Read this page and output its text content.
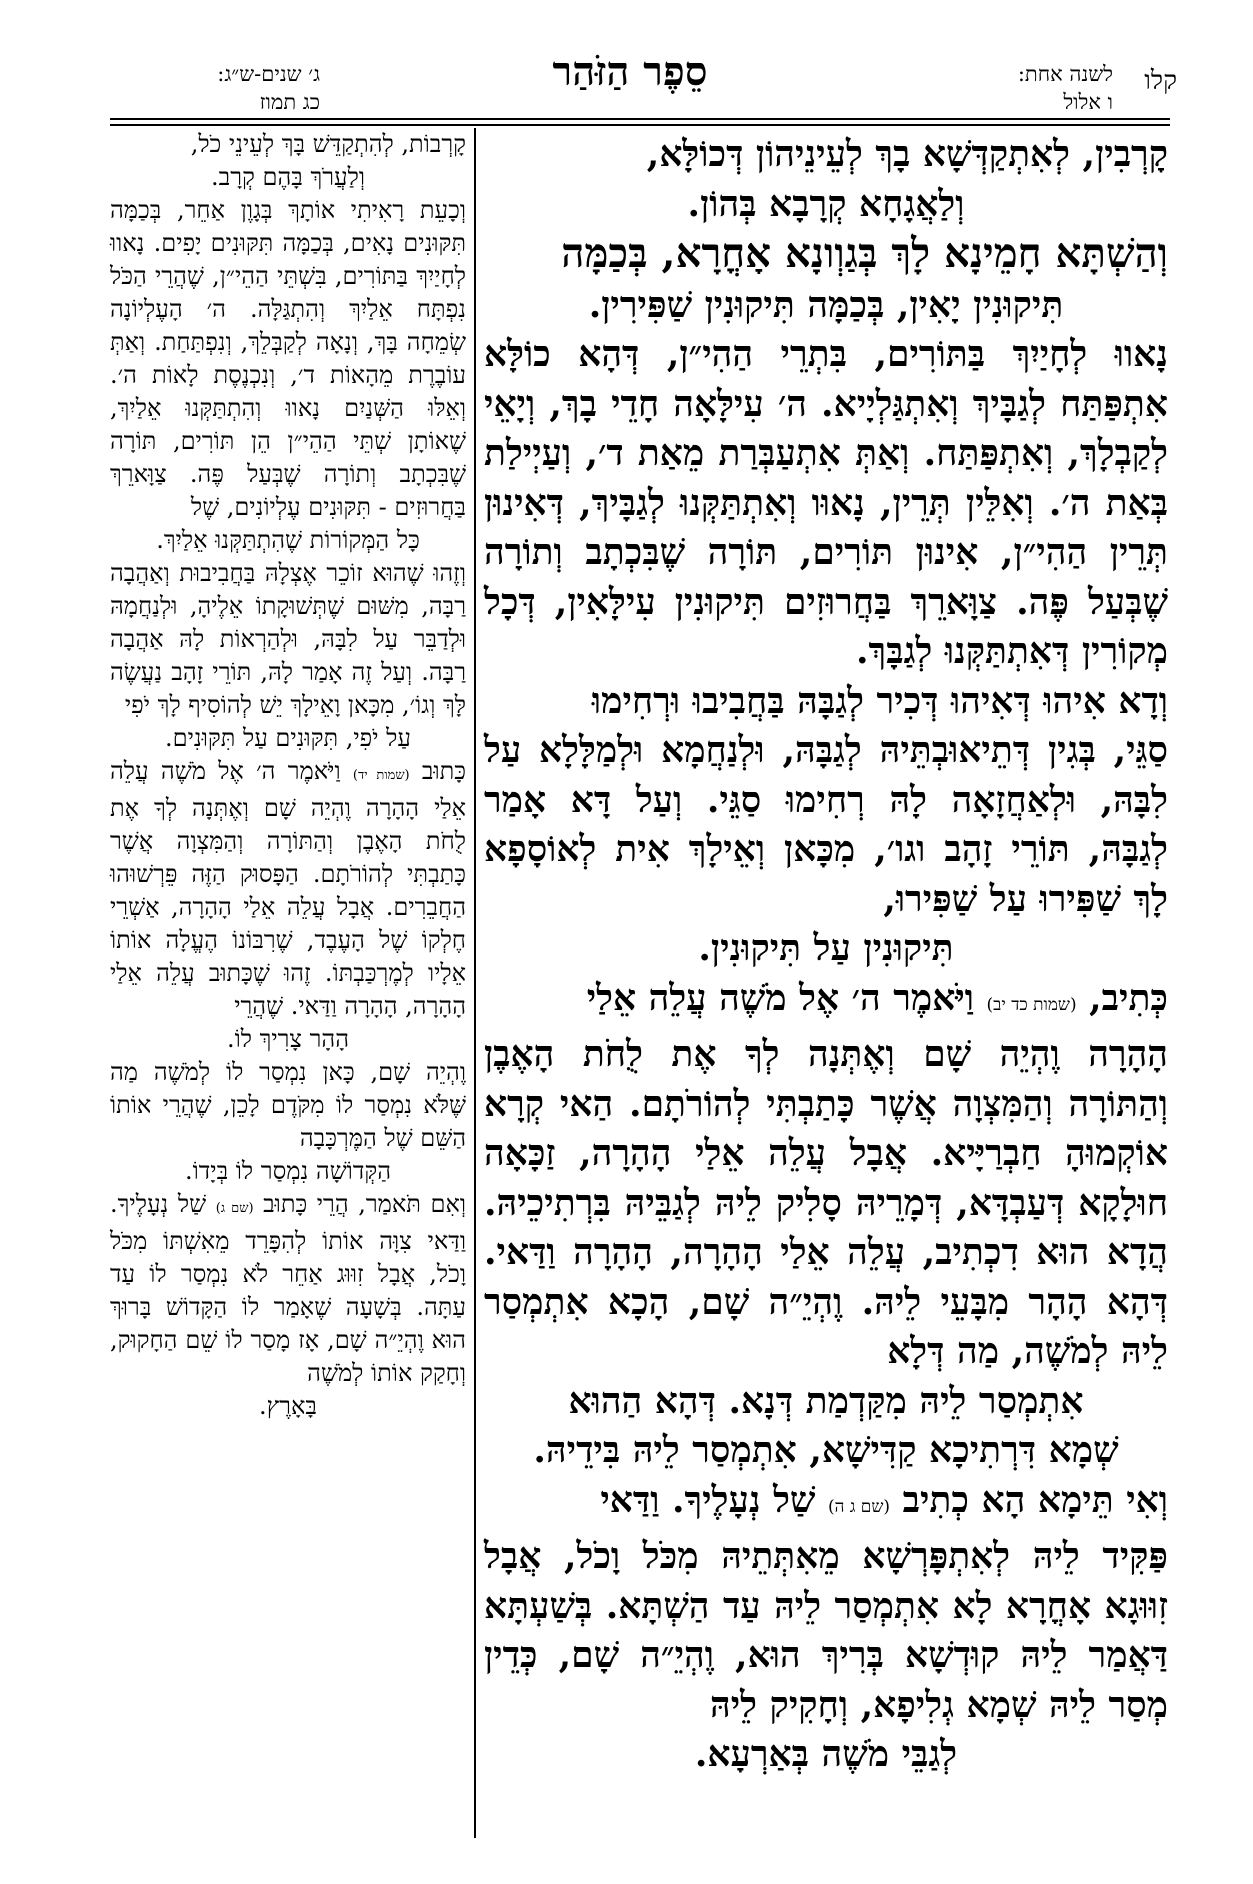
קלו
לשנה אחת:
ו אלול
סֵפֶר הַזֹּהַר
ג׳ שנים-ש״ג:
כג תמוז

קָרְבִין, לְאִתְקַדְּשָׁא בָךְ לְעֵינֵיהוֹן דְּכוֹלָּא,

וְלַאֲגָחָא קְרָבָא בְּהוֹן.

וְהַשְׁתָּא חָמֵינָא לָךְ בְּגַוְונָא אָחֳרָא, בְּכַמָּה

תִּיקוּנִין יָאִין, בְּכַמָּה תִּיקוּנִין שַׁפִּירִין.

נָאווּ לְחָיַיִךְ בַּתּוֹרִים, בִּתְרֵי הַהִי״ן, דְּהָא כוֹלָּא אִתְפַּתַּח לְגַבָּיךְ וְאִתְגַּלְיָיא. ה׳ עִילָּאָה חָדֵי בָךְ, וְיָאֵי לְקַבְלָךְ, וְאִתְפַּתַּח. וְאַתְּ אִתְעַבְּרַת מֵאַת ד׳, וְעַיְילַת בְּאַת ה׳. וְאִלֵּין תְּרֵין, נָאוּו וְאִתְתַּקְּנוּ לְגַבָּיךְ, דְּאִינוּן תְּרֵין הַהִי״ן, אִינוּן תּוֹרִים, תּוֹרָה שֶׁבִּכְתָב וְתוֹרָה שֶׁבְּעַל פֶּה. צַוָּארֵךְ בַּחֲרוּזִים תִּיקוּנִין עִילָּאִין, דְּכָל מְקוֹרִין דְּאִתְתַּקְּנוּ לְגַבָּךְ.

וְדָא אִיהוּ דְּאִיהוּ דְּכִיר לְגַבָּהּ בַּחֲבִיבוּ וּרְחִימוּ

סַגֵּי, בְּגִין דְּתֵיאוּבְתֵּיהּ לְגַבָּהּ, וּלְנַחֲמָא וּלְמַלָּלָא עַל לִבָּהּ, וּלְאַחֲזָאָה לָהּ רְחִימוּ סַגֵּי. וְעַל דָּא אָמַר לְגַבָּהּ, תּוֹרֵי זָהָב וגו׳, מִכָּאן וְאֵילָךְ אִית לְאוֹסָפָא לָךְ שַׁפִּירוּ עַל שַׁפִּירוּ,

תִּיקוּנִין עַל תִּיקוּנִין.

כְּתִיב, (שמות כד יב) וַיֹּאמֶר ה׳ אֶל מֹשֶׁה עֲלֵה אֵלַי

הָהָרָה וֶהְיֵה שָׁם וְאֶתְּנָה לְךָ אֶת לֻחֹת הָאֶבֶן וְהַתּוֹרָה וְהַמִּצְוָה אֲשֶׁר כָּתַבְתִּי לְהוֹרֹתָם. הַאי קְרָא אוֹקְמוּהָ חַבְרַיָּיא. אֲבָל עֲלֵה אֵלַי הָהָרָה, זַכָּאָה חוּלָקָא דְּעַבְדָּא, דְּמָרֵיהּ סָלִיק לֵיהּ לְגַבֵּיהּ בִּרְתִיכֵיהּ. הֲדָא הוּא דִכְתִיב, עֲלֵה אֵלַי הָהָרָה, הָהָרָה וַדַּאי. דְּהָא הָהָר מִבָּעֵי לֵיהּ. וֶהְיֵ״ה שָׁם, הָכָא אִתְמְסַר לֵיהּ לְמֹשֶׁה, מַה דְּלָא

אִתְמְסַר לֵיהּ מִקַּדְמַת דְּנָא. דְּהָא הַהוּא

שְׁמָא דִּרְתִיכָא קַדִּישָׁא, אִתְמְסַר לֵיהּ בִּידֵיהּ.

וְאִי תֵּימָא הָא כְתִיב (שם ג ה) שַׁל נְעָלֶיךָ. וַדַּאי

פַּקִּיד לֵיהּ לְאִתְפָּרְשָׁא מֵאִתְּתֵיהּ מִכֹּל וָכֹל, אֲבָל זִוּוּגָא אָחֳרָא לָא אִתְמְסַר לֵיהּ עַד הַשְׁתָּא. בְּשַׁעְתָּא דַּאֲמַר לֵיהּ קוּדְשָׁא בְּרִיךְ הוּא, וֶהְיֵ״ה שָׁם, כְּדֵין מְסַר לֵיהּ שְׁמָא גְלִיפָא, וְחָקִיק לֵיהּ

לְגַבֵּי מֹשֶׁה בְּאַרְעָא.

קָרְבוֹת, לְהִתְקַדֵּשׁ בָּךְ לְעֵינֵי כֹל,

וְלַעֲרֹךְ בָּהֶם קְרָב.

וְכָעֵת רָאִיתִי אוֹתָךְ בְּגָוֶן אַחֵר, בְּכַמָּה תִּקּוּנִים נָאִים, בְּכַמָּה תִּקּוּנִים יָפִים. נָאווּ לְחָיַיִךְ בַּתּוֹרִים, בִּשְׁתֵּי הַהֵי״ן, שֶׁהֲרֵי הַכֹּל נִפְתָּח אֵלַיִךְ וְהִתְגַּלָּה. ה׳ הָעֶלְיוֹנָה שְׂמֵחָה בָּךְ, וְנָאָה לְקַבְּלֵךְ, וְנִפְתַּחַת. וְאַתְּ עוֹבֶרֶת מֵהָאוֹת ד׳, וְנִכְנֶסֶת לָאוֹת ה׳. וְאֵלּוּ הַשְּׁנַיִם נָאווּ וְהִתְתַּקְּנוּ אֵלַיִךְ, שֶׁאוֹתָן שְׁתֵּי הַהֵי״ן הֵן תּוֹרִים, תּוֹרָה שֶׁבִּכְתָב וְתוֹרָה שֶׁבְּעַל פֶּה. צַוָּארֵךְ בַּחֲרוּזִים - תִּקּוּנִים עֶלְיוֹנִים, שֶׁל

כָּל הַמְּקוֹרוֹת שֶׁהִתְתַּקְּנוּ אֵלַיִךְ.

וְזֶהוּ שֶׁהוּא זוֹכֵר אֶצְלָהּ בַּחֲבִיבוּת וְאַהֲבָה רַבָּה, מִשּׁוּם שֶׁתְּשׁוּקָתוֹ אֵלֶיהָ, וּלְנַחֲמָהּ וּלְדַבֵּר עַל לִבָּהּ, וּלְהַרְאוֹת לָהּ אַהֲבָה רַבָּה. וְעַל זֶה אָמַר לָהּ, תּוֹרֵי זָהָב נַעֲשֶׂה לָּךְ וְגוֹ׳, מִכָּאן וָאֵילָךְ יֵשׁ לְהוֹסִיף לָךְ יֹפִי

עַל יֹפִי, תִּקּוּנִים עַל תִּקּוּנִים.

כָּתוּב (שמות יד) וַיֹּאמֶר ה׳ אֶל מֹשֶׁה עֲלֵה אֵלַי הָהָרָה וֶהְיֵה שָׁם וְאֶתְּנָה לְךָ אֶת לֻחֹת הָאֶבֶן וְהַתּוֹרָה וְהַמִּצְוָה אֲשֶׁר כָּתַבְתִּי לְהוֹרֹתָם. הַפָּסוּק הַזֶּה פֵּרְשׁוּהוּ הַחֲבֵרִים. אֲבָל עֲלֵה אֵלַי הָהָרָה, אַשְׁרֵי חֶלְקוֹ שֶׁל הָעֶבֶד, שֶׁרִבּוֹנוֹ הֶעֱלָה אוֹתוֹ אֵלָיו לְמֶרְכַּבְתּוֹ. זֶהוּ שֶׁכָּתוּב עֲלֵה אֵלַי הָהָרָה, הָהָרָה וַדַּאי. שֶׁהֲרֵי

הָהָר צָרִיךְ לוֹ.

וֶהְיֵה שָׁם, כָּאן נִמְסַר לוֹ לְמֹשֶׁה מַה שֶּׁלֹּא נִמְסַר לוֹ מִקֹּדֶם לָכֵן, שֶׁהֲרֵי אוֹתוֹ הַשֵּׁם שֶׁל הַמֶּרְכָּבָה

הַקְּדוֹשָׁה נִמְסַר לוֹ בְּיָדוֹ.

וְאִם תֹּאמַר, הֲרֵי כָּתוּב (שם ג) שַׁל נְעָלֶיךָ. וַדַּאי צִוָּה אוֹתוֹ לְהִפָּרֵד מֵאִשְׁתּוֹ מִכֹּל וָכֹל, אֲבָל זִוּוּג אַחֵר לֹא נִמְסַר לוֹ עַד עַתָּה. בְּשָׁעָה שֶׁאָמַר לוֹ הַקָּדוֹשׁ בָּרוּךְ הוּא וֶהְיֵ״ה שָׁם, אָז מָסַר לוֹ שֵׁם הַחָקוּק, וְחָקַק אוֹתוֹ לְמֹשֶׁה

בָּאָרֶץ.
